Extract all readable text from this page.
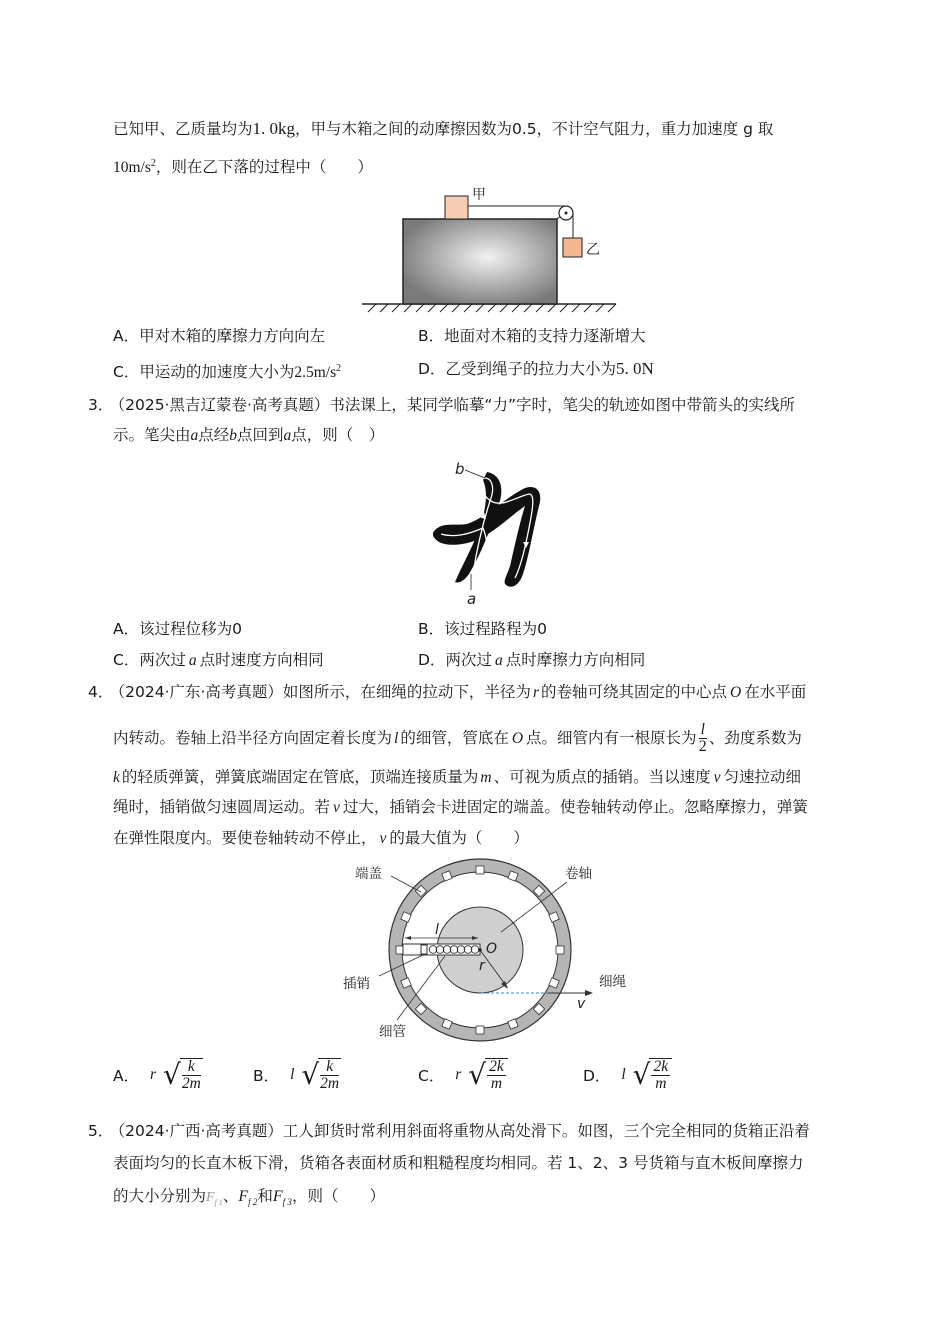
已知甲、乙质量均为1. 0kg，甲与木箱之间的动摩擦因数为0.5，不计空气阻力，重力加速度 g 取
$10m/s^2$，则在乙下落的过程中（　　）
甲
乙
A．甲对木箱的摩擦力方向向左	B．地面对木箱的支持力逐渐增大
C．甲运动的加速度大小为$2.5m/s^2$	D．乙受到绳子的拉力大小为5. 0N
3． （2025·黑吉辽蒙卷·高考真题）书法课上，某同学临摹“力”字时，笔尖的轨迹如图中带箭头的实线所
示。笔尖由a点经b点回到a点，则（　）
b
a
A．该过程位移为0	B．该过程路程为0
C．两次过 a 点时速度方向相同	D．两次过 a 点时摩擦力方向相同
4． （2024·广东·高考真题）如图所示，在细绳的拉动下，半径为 r 的卷轴可绕其固定的中心点 O 在水平面
内转动。卷轴上沿半径方向固定着长度为 l 的细管，管底在 O 点。细管内有一根原长为 $\frac{l}{2}$ 、劲度系数为
k 的轻质弹簧，弹簧底端固定在管底，顶端连接质量为 m 、可视为质点的插销。当以速度 v 匀速拉动细
绳时，插销做匀速圆周运动。若 v 过大，插销会卡进固定的端盖。使卷轴转动停止。忽略摩擦力，弹簧
在弹性限度内。要使卷轴转动不停止， v 的最大值为（　　）
端盖	卷轴
插销
细管
细绳
l
O
r
v
A． r √ $\frac{k}{2m}$	B． l √ $\frac{k}{2m}$	C． r √ $\frac{2k}{m}$	D． l √ $\frac{2k}{m}$
5． （2024·广西·高考真题）工人卸货时常利用斜面将重物从高处滑下。如图，三个完全相同的货箱正沿着
表面均匀的长直木板下滑，货箱各表面材质和粗糙程度均相同。若 1、2、3 号货箱与直木板间摩擦力
的大小分别为$F_{f 1}$、$F_{f 2}$和$F_{f 3}$，则（　　）
